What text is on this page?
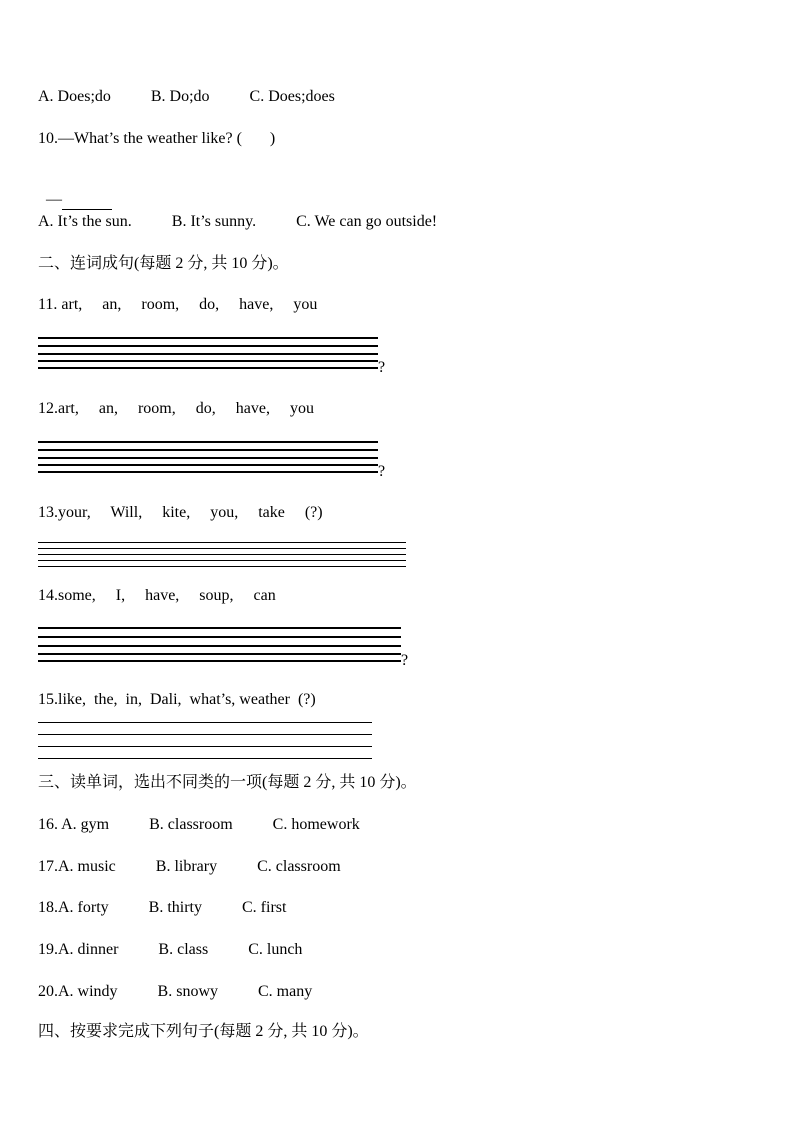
A. Does;do          B. Do;do          C. Does;does
10.—What’s the weather like? (       )

—

A. It’s the sun.          B. It’s sunny.          C. We can go outside!
二、连词成句(每题 2 分, 共 10 分)。
11. art,     an,     room,     do,     have,     you
?
12.art,     an,     room,     do,     have,     you
?
13.your,     Will,     kite,     you,     take     (?)
14.some,     I,     have,     soup,     can
?
15.like,  the,  in,  Dali,  what’s, weather  (?)
三、读单词，选出不同类的一项(每题 2 分, 共 10 分)。
16. A. gym          B. classroom          C. homework
17.A. music          B. library          C. classroom
18.A. forty          B. thirty          C. first
19.A. dinner          B. class          C. lunch
20.A. windy          B. snowy          C. many
四、按要求完成下列句子(每题 2 分, 共 10 分)。
